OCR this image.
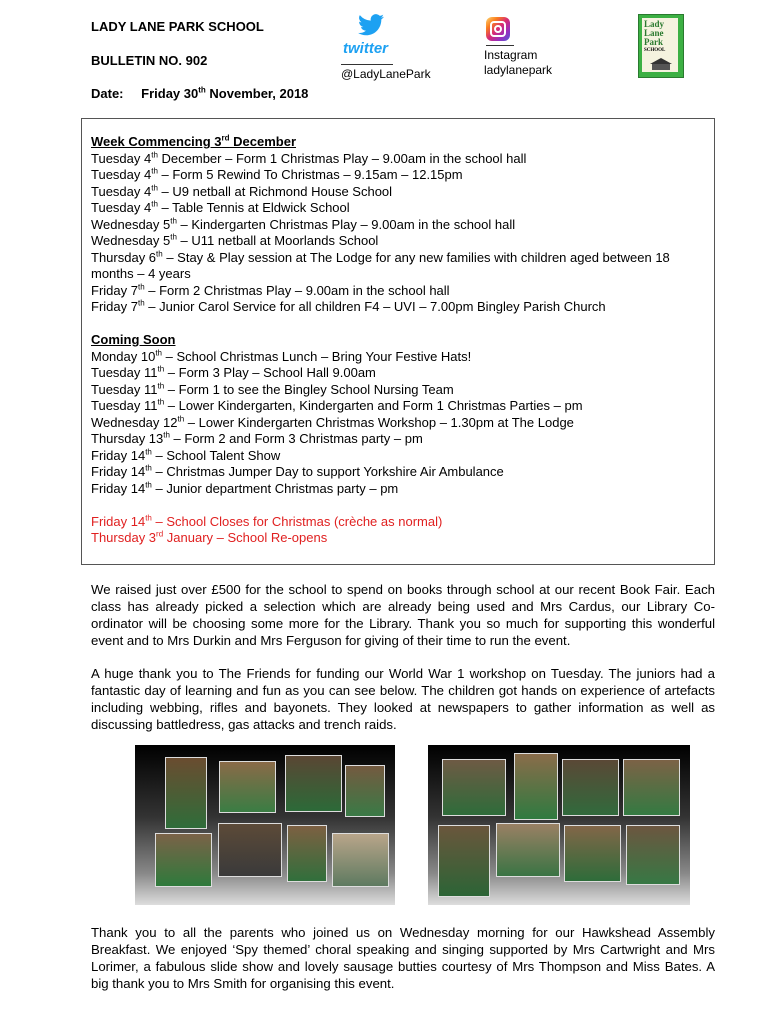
LADY LANE PARK SCHOOL
BULLETIN NO. 902
Date: Friday 30th November, 2018
twitter
@LadyLanePark
Instagram
ladylanepark
Lady
Lane
Park
SCHOOL
Week Commencing 3rd December
Tuesday 4th December – Form 1 Christmas Play – 9.00am in the school hall
Tuesday 4th – Form 5 Rewind To Christmas – 9.15am – 12.15pm
Tuesday 4th – U9 netball at Richmond House School
Tuesday 4th – Table Tennis at Eldwick School
Wednesday 5th – Kindergarten Christmas Play – 9.00am in the school hall
Wednesday 5th – U11 netball at Moorlands School
Thursday 6th – Stay & Play session at The Lodge for any new families with children aged between 18
months – 4 years
Friday 7th – Form 2 Christmas Play – 9.00am in the school hall
Friday 7th – Junior Carol Service for all children F4 – UVI – 7.00pm Bingley Parish Church
Coming Soon
Monday 10th – School Christmas Lunch – Bring Your Festive Hats!
Tuesday 11th – Form 3 Play – School Hall 9.00am
Tuesday 11th – Form 1 to see the Bingley School Nursing Team
Tuesday 11th – Lower Kindergarten, Kindergarten and Form 1 Christmas Parties – pm
Wednesday 12th – Lower Kindergarten Christmas Workshop – 1.30pm at The Lodge
Thursday 13th – Form 2 and Form 3 Christmas party – pm
Friday 14th – School Talent Show
Friday 14th – Christmas Jumper Day to support Yorkshire Air Ambulance
Friday 14th – Junior department Christmas party – pm
Friday 14th – School Closes for Christmas (crèche as normal)
Thursday 3rd January – School Re-opens
We raised just over £500 for the school to spend on books through school at our recent Book Fair. Each class has already picked a selection which are already being used and Mrs Cardus, our Library Co-ordinator will be choosing some more for the Library. Thank you so much for supporting this wonderful event and to Mrs Durkin and Mrs Ferguson for giving of their time to run the event.
A huge thank you to The Friends for funding our World War 1 workshop on Tuesday. The juniors had a fantastic day of learning and fun as you can see below. The children got hands on experience of artefacts including webbing, rifles and bayonets. They looked at newspapers to gather information as well as discussing battledress, gas attacks and trench raids.
Thank you to all the parents who joined us on Wednesday morning for our Hawkshead Assembly Breakfast. We enjoyed ‘Spy themed’ choral speaking and singing supported by Mrs Cartwright and Mrs Lorimer, a fabulous slide show and lovely sausage butties courtesy of Mrs Thompson and Miss Bates. A big thank you to Mrs Smith for organising this event.
